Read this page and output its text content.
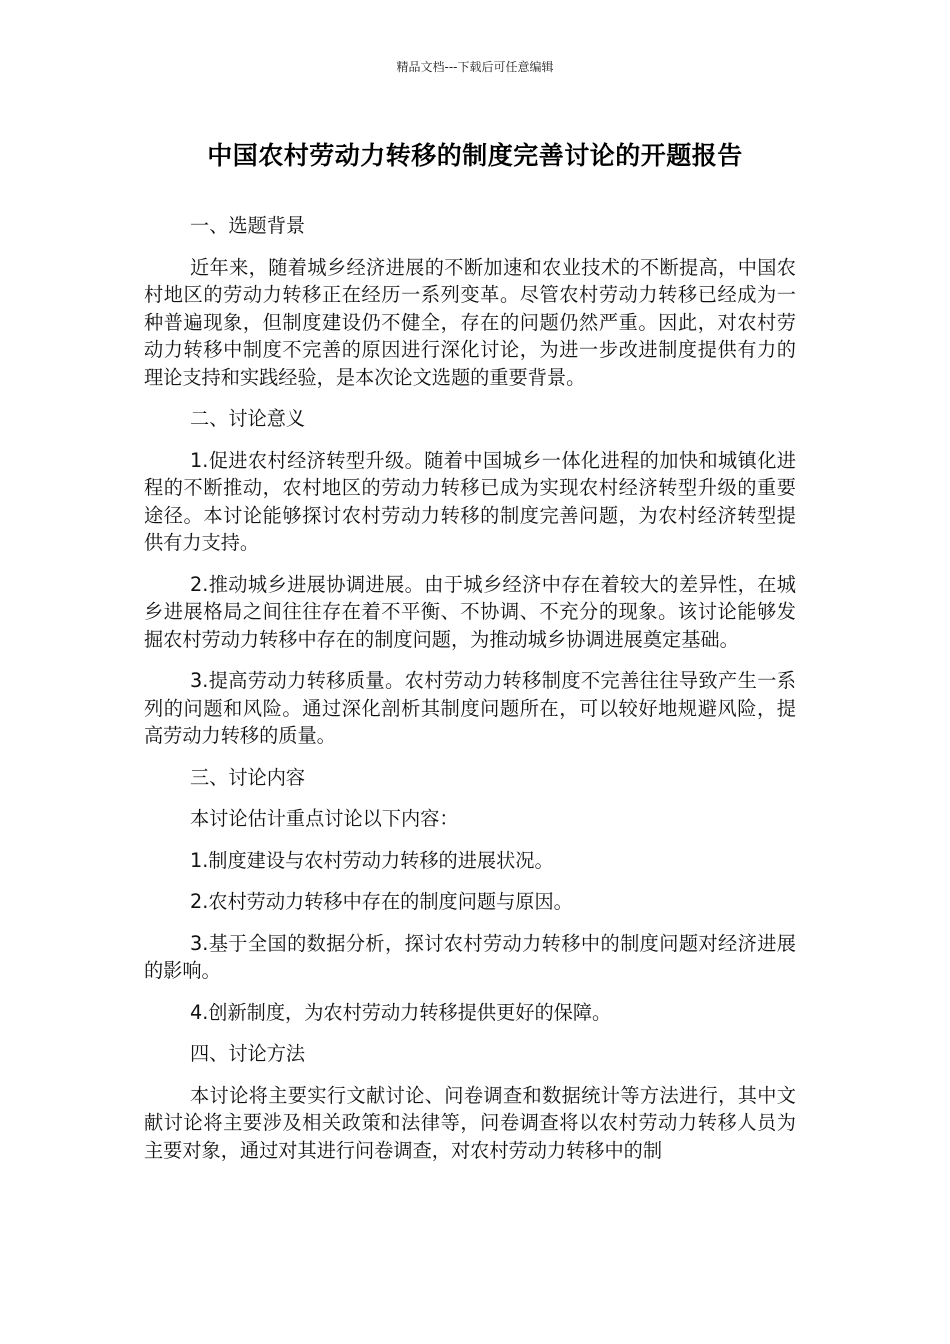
精品文档---下载后可任意编辑
中国农村劳动力转移的制度完善讨论的开题报告
一、选题背景

近年来，随着城乡经济进展的不断加速和农业技术的不断提高，中国农村地区的劳动力转移正在经历一系列变革。尽管农村劳动力转移已经成为一种普遍现象，但制度建设仍不健全，存在的问题仍然严重。因此，对农村劳动力转移中制度不完善的原因进行深化讨论，为进一步改进制度提供有力的理论支持和实践经验，是本次论文选题的重要背景。

二、讨论意义

1.促进农村经济转型升级。随着中国城乡一体化进程的加快和城镇化进程的不断推动，农村地区的劳动力转移已成为实现农村经济转型升级的重要途径。本讨论能够探讨农村劳动力转移的制度完善问题，为农村经济转型提供有力支持。

2.推动城乡进展协调进展。由于城乡经济中存在着较大的差异性，在城乡进展格局之间往往存在着不平衡、不协调、不充分的现象。该讨论能够发掘农村劳动力转移中存在的制度问题，为推动城乡协调进展奠定基础。

3.提高劳动力转移质量。农村劳动力转移制度不完善往往导致产生一系列的问题和风险。通过深化剖析其制度问题所在，可以较好地规避风险，提高劳动力转移的质量。

三、讨论内容

本讨论估计重点讨论以下内容：

1.制度建设与农村劳动力转移的进展状况。

2.农村劳动力转移中存在的制度问题与原因。

3.基于全国的数据分析，探讨农村劳动力转移中的制度问题对经济进展的影响。

4.创新制度，为农村劳动力转移提供更好的保障。

四、讨论方法

本讨论将主要实行文献讨论、问卷调查和数据统计等方法进行，其中文献讨论将主要涉及相关政策和法律等，问卷调查将以农村劳动力转移人员为主要对象，通过对其进行问卷调查，对农村劳动力转移中的制
